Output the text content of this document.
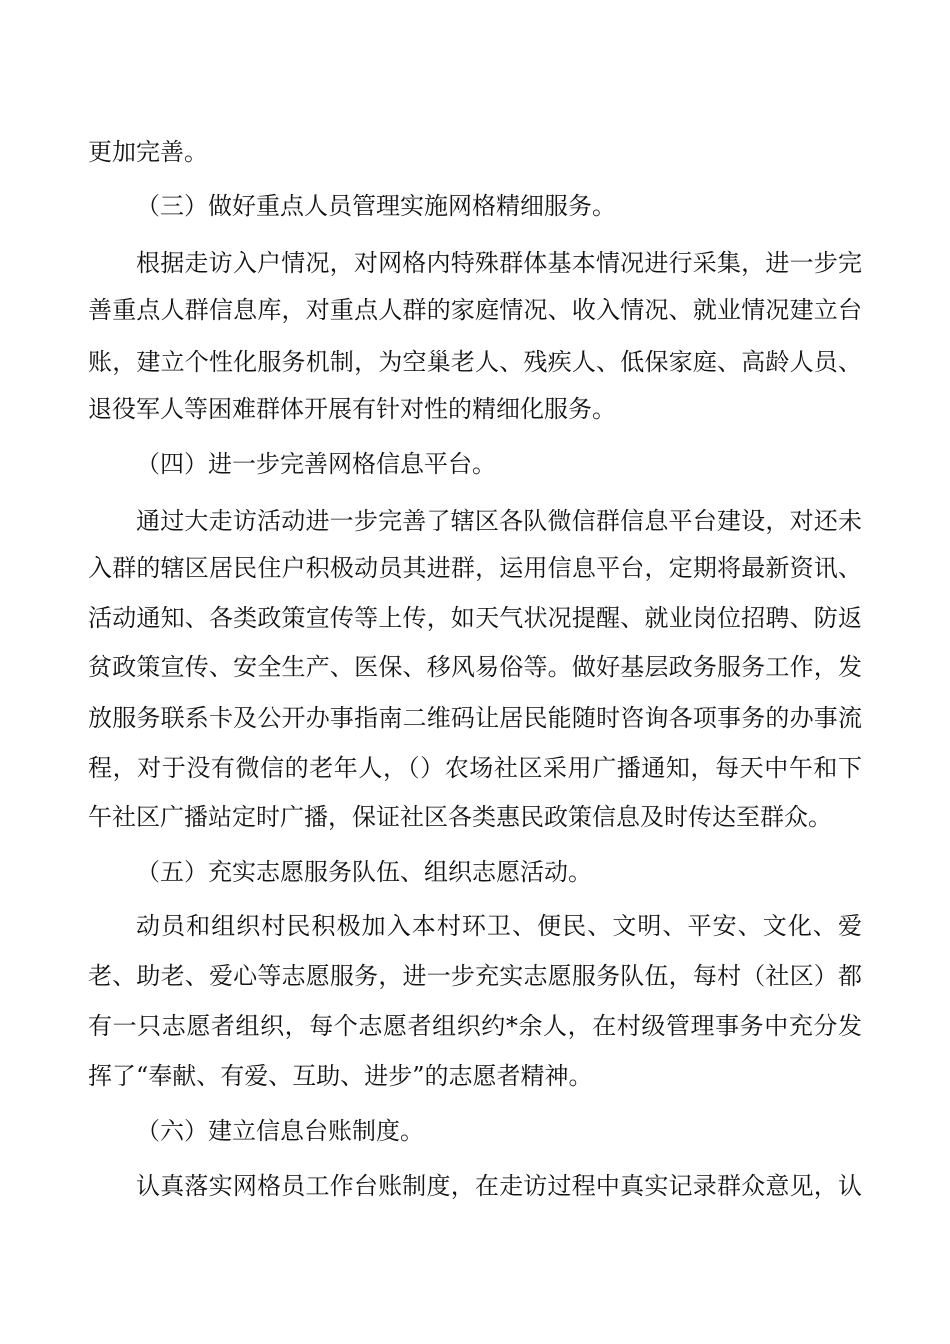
更加完善。
（三）做好重点人员管理实施网格精细服务。
根据走访入户情况，对网格内特殊群体基本情况进行采集，进一步完
善重点人群信息库，对重点人群的家庭情况、收入情况、就业情况建立台
账，建立个性化服务机制，为空巢老人、残疾人、低保家庭、高龄人员、
退役军人等困难群体开展有针对性的精细化服务。
（四）进一步完善网格信息平台。
通过大走访活动进一步完善了辖区各队微信群信息平台建设，对还未
入群的辖区居民住户积极动员其进群，运用信息平台，定期将最新资讯、
活动通知、各类政策宣传等上传，如天气状况提醒、就业岗位招聘、防返
贫政策宣传、安全生产、医保、移风易俗等。做好基层政务服务工作，发
放服务联系卡及公开办事指南二维码让居民能随时咨询各项事务的办事流
程，对于没有微信的老年人，（）农场社区采用广播通知，每天中午和下
午社区广播站定时广播，保证社区各类惠民政策信息及时传达至群众。
（五）充实志愿服务队伍、组织志愿活动。
动员和组织村民积极加入本村环卫、便民、文明、平安、文化、爱
老、助老、爱心等志愿服务，进一步充实志愿服务队伍，每村（社区）都
有一只志愿者组织，每个志愿者组织约*余人，在村级管理事务中充分发
挥了“奉献、有爱、互助、进步”的志愿者精神。
（六）建立信息台账制度。
认真落实网格员工作台账制度，在走访过程中真实记录群众意见，认
